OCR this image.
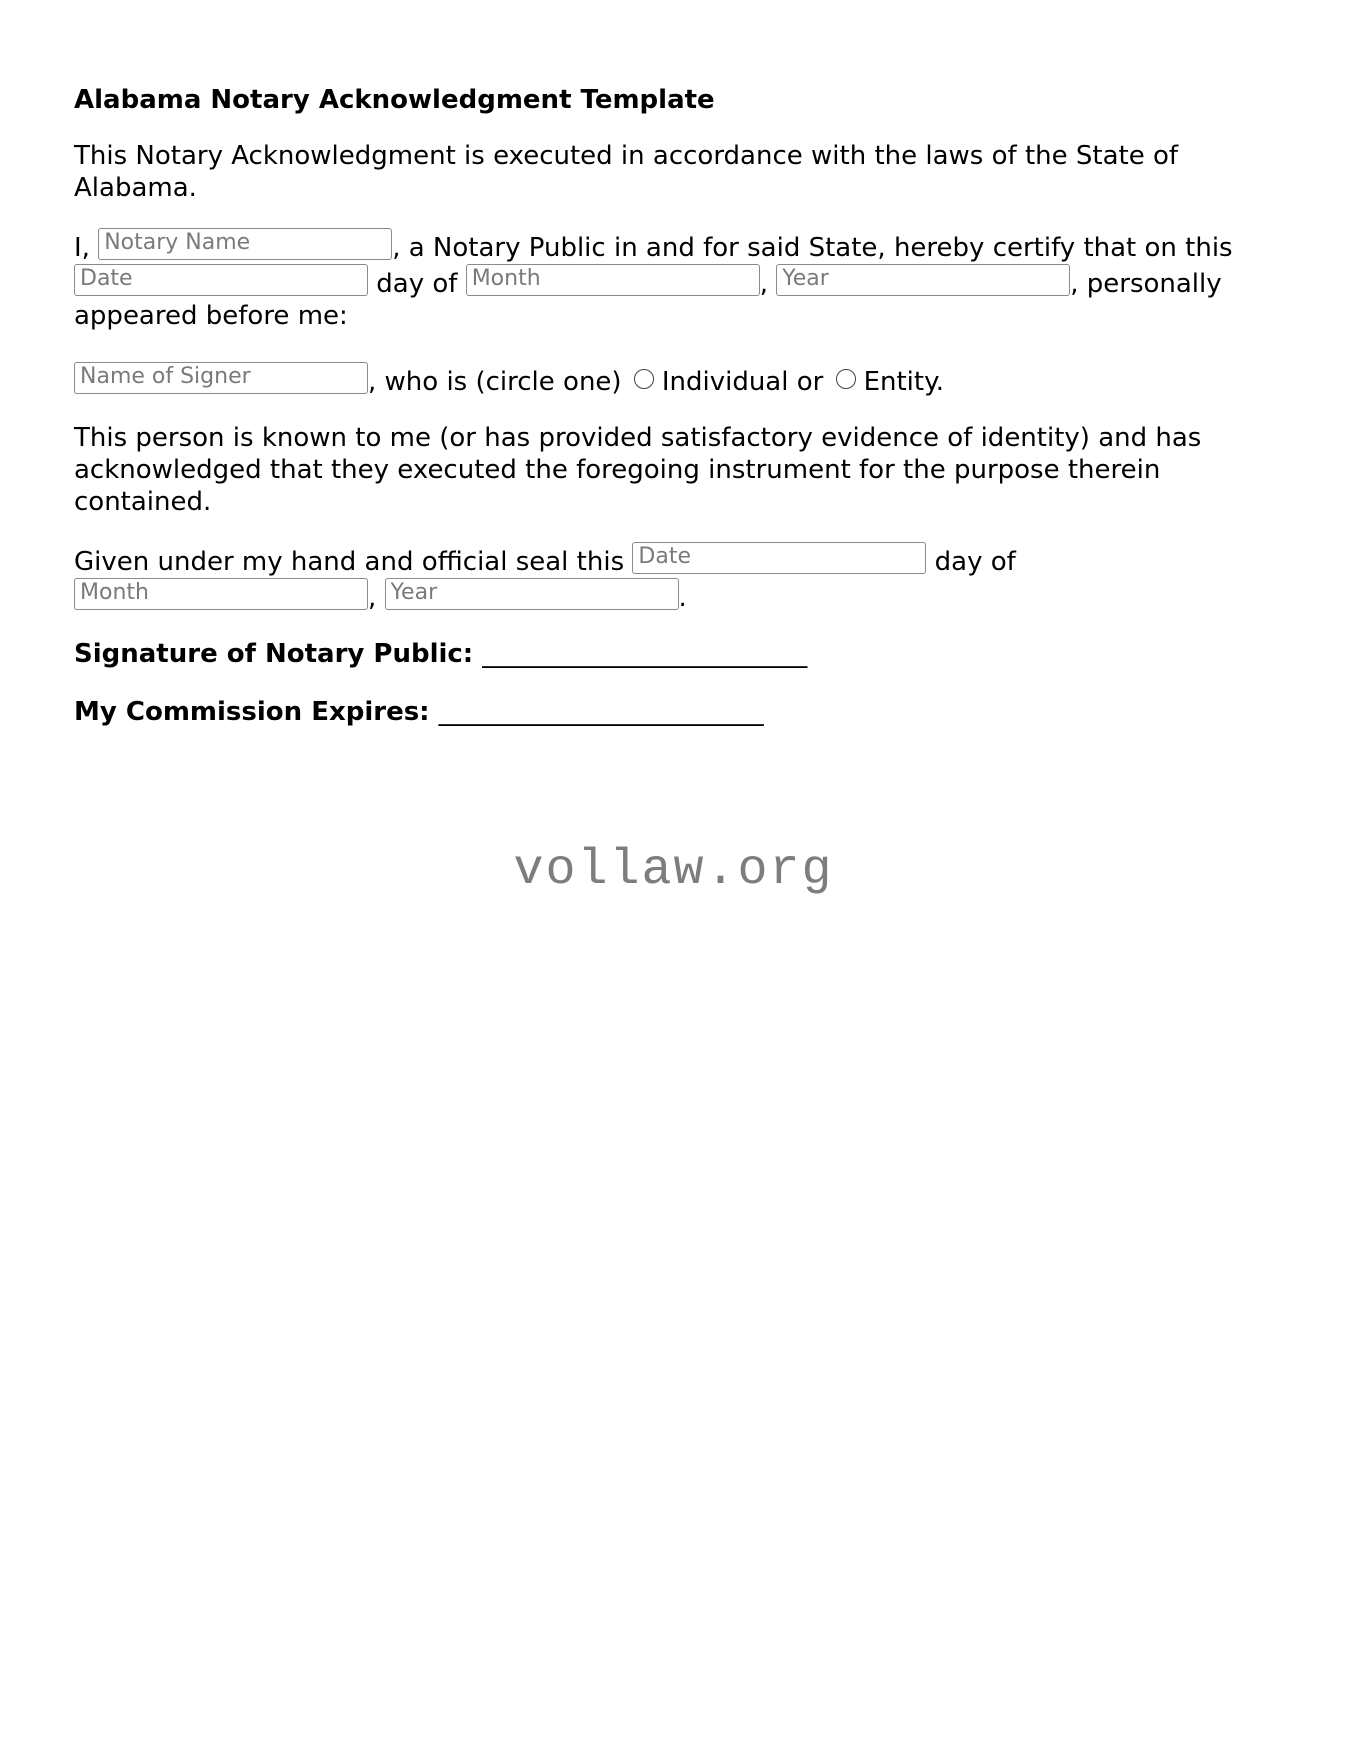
Alabama Notary Acknowledgment Template
This Notary Acknowledgment is executed in accordance with the laws of the State of Alabama.
I, Notary Name	, a Notary Public in and for said State, hereby certify that on this Date	day of Month	, Year	, personally appeared before me:
Name of Signer	, who is (circle one) Individual or Entity.
This person is known to me (or has provided satisfactory evidence of identity) and has acknowledged that they executed the foregoing instrument for the purpose therein contained.
Given under my hand and official seal this Date	day of
Month	, Year	.
Signature of Notary Public: _________________________
My Commission Expires: _________________________
vollaw.org
